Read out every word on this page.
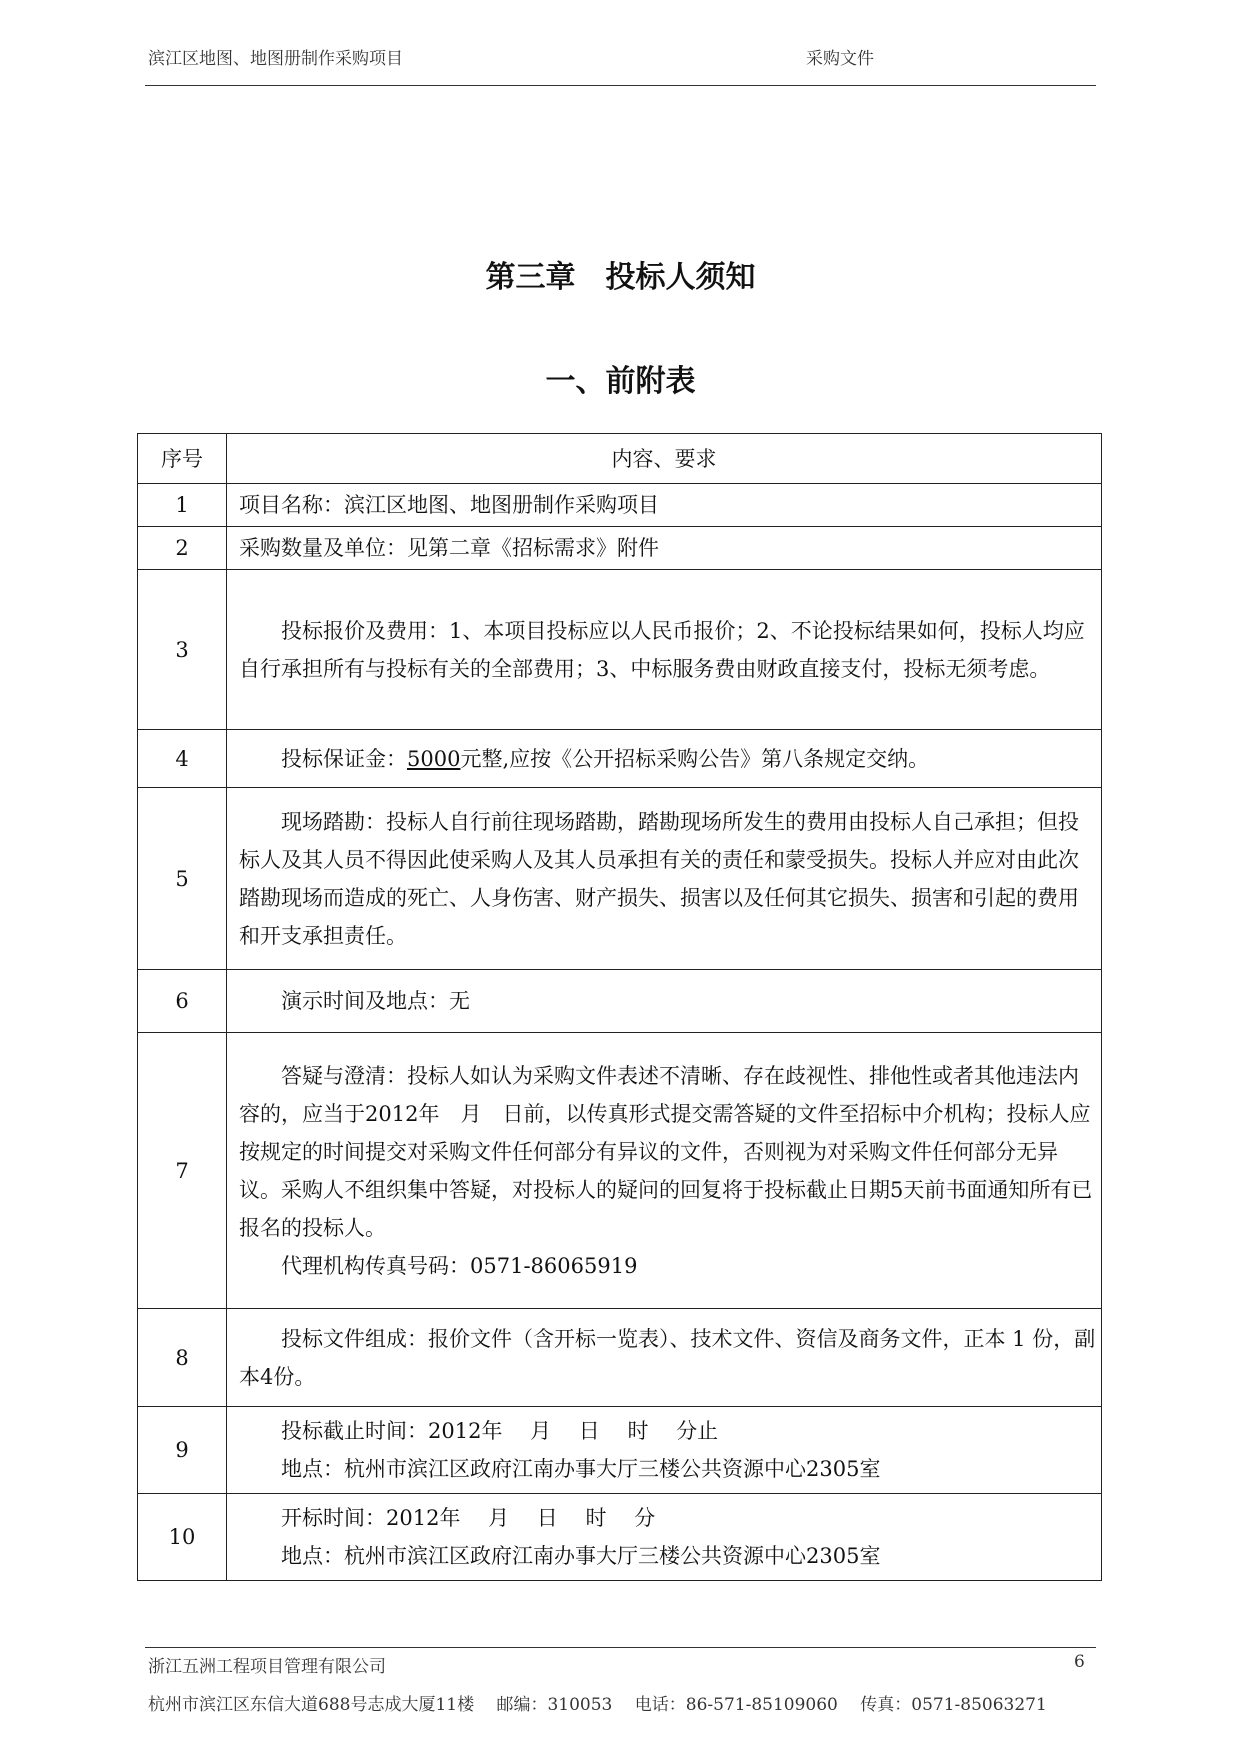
滨江区地图、地图册制作采购项目	采购文件
第三章　投标人须知
一、前附表
序号	内容、要求
1	项目名称：滨江区地图、地图册制作采购项目
2	采购数量及单位：见第二章《招标需求》附件
3	投标报价及费用：1、本项目投标应以人民币报价；2、不论投标结果如何，投标人均应自行承担所有与投标有关的全部费用；3、中标服务费由财政直接支付，投标无须考虑。
4	投标保证金：5000元整,应按《公开招标采购公告》第八条规定交纳。
5	现场踏勘：投标人自行前往现场踏勘，踏勘现场所发生的费用由投标人自己承担；但投标人及其人员不得因此使采购人及其人员承担有关的责任和蒙受损失。投标人并应对由此次踏勘现场而造成的死亡、人身伤害、财产损失、损害以及任何其它损失、损害和引起的费用和开支承担责任。
6	演示时间及地点：无
7	答疑与澄清：投标人如认为采购文件表述不清晰、存在歧视性、排他性或者其他违法内容的，应当于2012年　月　日前，以传真形式提交需答疑的文件至招标中介机构；投标人应按规定的时间提交对采购文件任何部分有异议的文件，否则视为对采购文件任何部分无异议。采购人不组织集中答疑，对投标人的疑问的回复将于投标截止日期5天前书面通知所有已报名的投标人。
代理机构传真号码：0571-86065919

8	投标文件组成：报价文件（含开标一览表）、技术文件、资信及商务文件，正本 1 份，副本4份。
9	投标截止时间：2012年　 月　 日　 时　 分止
地点：杭州市滨江区政府江南办事大厅三楼公共资源中心2305室

10	开标时间：2012年　 月　 日　 时　 分
地点：杭州市滨江区政府江南办事大厅三楼公共资源中心2305室
浙江五洲工程项目管理有限公司	6
杭州市滨江区东信大道688号志成大厦11楼　 邮编：310053　 电话：86-571-85109060　 传真：0571-85063271
